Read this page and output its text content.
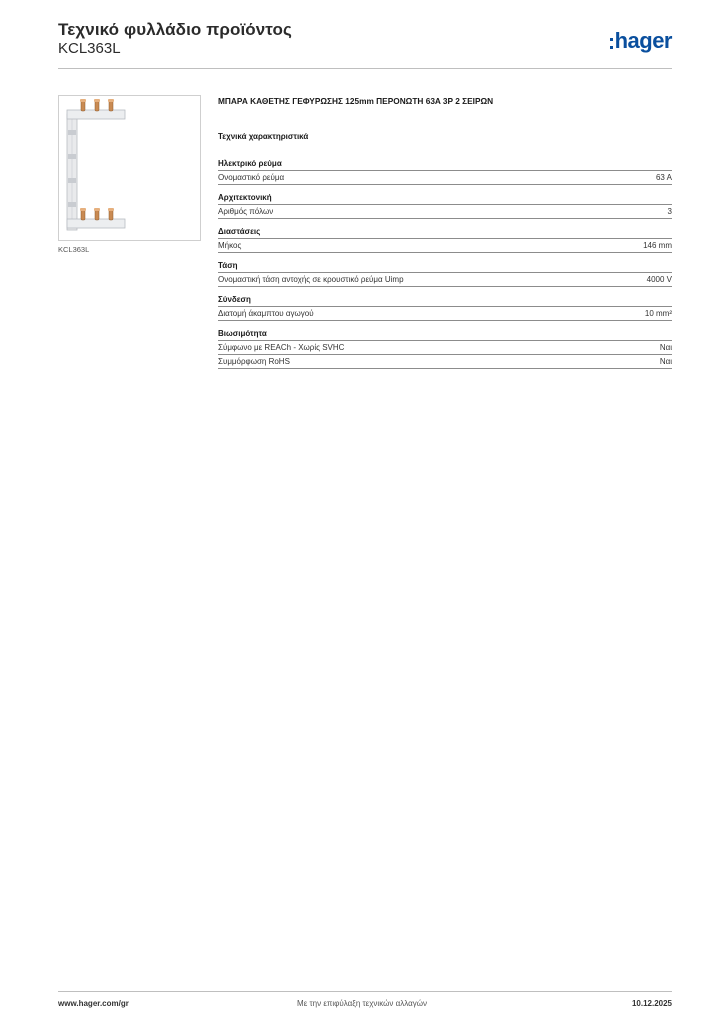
Τεχνικό φυλλάδιο προϊόντος
KCL363L	hager
KCL363L
ΜΠΑΡΑ ΚΑΘΕΤΗΣ ΓΕΦΥΡΩΣΗΣ 125mm ΠΕΡΟΝΩΤΗ 63A 3P 2 ΣΕΙΡΩΝ
Τεχνικά χαρακτηριστικά
Ηλεκτρικό ρεύμα
Ονομαστικό ρεύμα	63 A
Αρχιτεκτονική
Αριθμός πόλων	3
Διαστάσεις
Μήκος	146 mm
Τάση
Ονομαστική τάση αντοχής σε κρουστικό ρεύμα Uimp	4000 V
Σύνδεση
Διατομή άκαμπτου αγωγού	10 mm²
Βιωσιμότητα
Σύμφωνο με REACh - Χωρίς SVHC	Ναι
Συμμόρφωση RoHS	Ναι
www.hager.com/gr	Με την επιφύλαξη τεχνικών αλλαγών	10.12.2025
